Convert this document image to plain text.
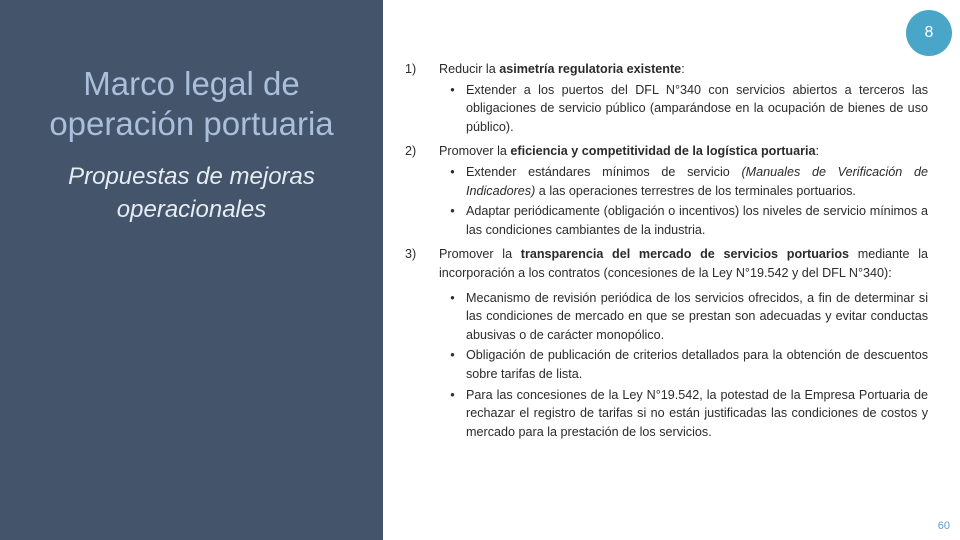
Marco legal de operación portuaria
Propuestas de mejoras operacionales
8
1)	Reducir la asimetría regulatoria existente:
• Extender a los puertos del DFL N°340 con servicios abiertos a terceros las obligaciones de servicio público (amparándose en la ocupación de bienes de uso público).
2)	Promover la eficiencia y competitividad de la logística portuaria:
• Extender estándares mínimos de servicio (Manuales de Verificación de Indicadores) a las operaciones terrestres de los terminales portuarios.
• Adaptar periódicamente (obligación o incentivos) los niveles de servicio mínimos a las condiciones cambiantes de la industria.
3)	Promover la transparencia del mercado de servicios portuarios mediante la incorporación a los contratos (concesiones de la Ley N°19.542 y del DFL N°340):
• Mecanismo de revisión periódica de los servicios ofrecidos, a fin de determinar si las condiciones de mercado en que se prestan son adecuadas y evitar conductas abusivas o de carácter monopólico.
• Obligación de publicación de criterios detallados para la obtención de descuentos sobre tarifas de lista.
• Para las concesiones de la Ley N°19.542, la potestad de la Empresa Portuaria de rechazar el registro de tarifas si no están justificadas las condiciones de costos y mercado para la prestación de los servicios.
60
